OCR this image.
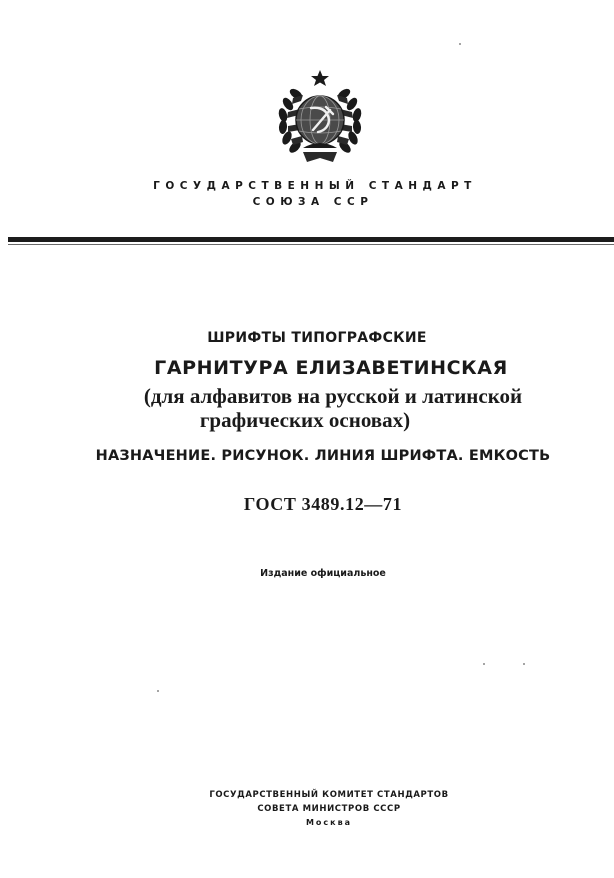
ГОСУДАРСТВЕННЫЙ СТАНДАРТ
СОЮЗА ССР
ШРИФТЫ ТИПОГРАФСКИЕ
ГАРНИТУРА ЕЛИЗАВЕТИНСКАЯ
(для алфавитов на русской и латинской
графических основах)
НАЗНАЧЕНИЕ. РИСУНОК. ЛИНИЯ ШРИФТА. ЕМКОСТЬ
ГОСТ 3489.12—71
Издание официальное
ГОСУДАРСТВЕННЫЙ КОМИТЕТ СТАНДАРТОВ
СОВЕТА МИНИСТРОВ СССР
Москва
